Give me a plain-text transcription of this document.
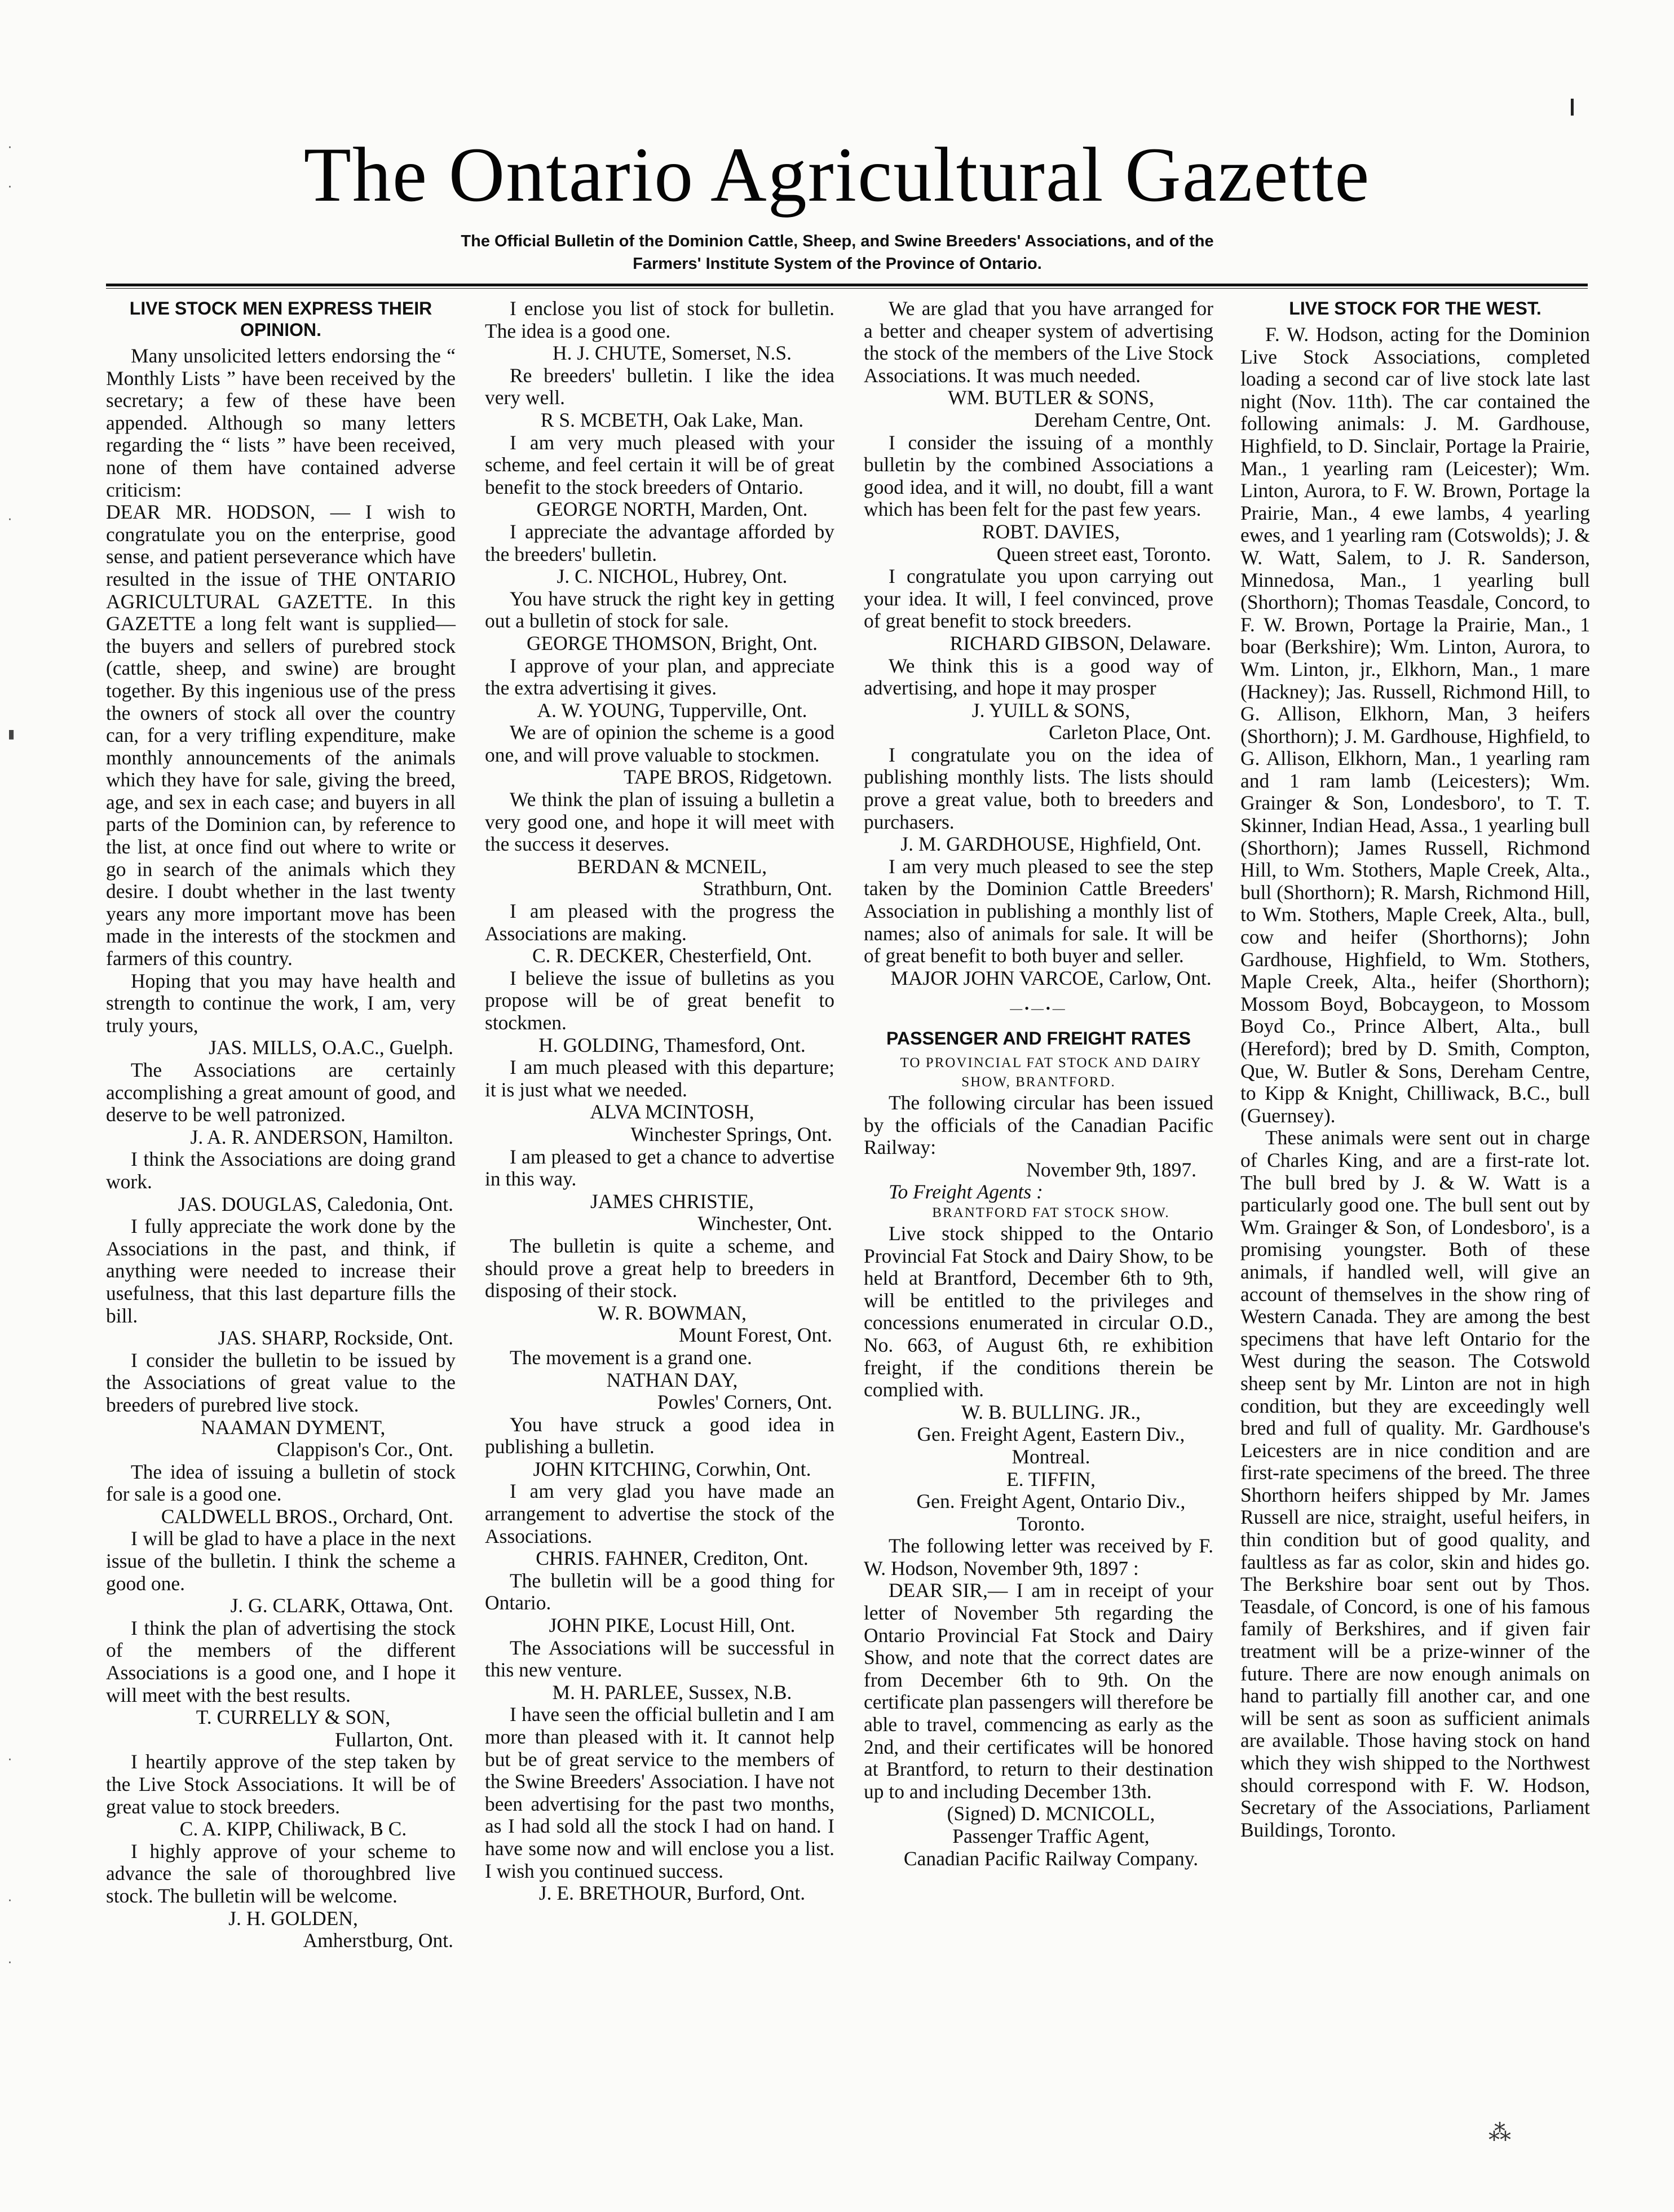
·
·
·
▮
·
·
·
The Ontario Agricultural Gazette
The Official Bulletin of the Dominion Cattle, Sheep, and Swine Breeders' Associations, and of the
Farmers' Institute System of the Province of Ontario.
LIVE STOCK MEN EXPRESS THEIR OPINION.

Many unsolicited letters endorsing the “ Monthly Lists ” have been received by the secretary; a few of these have been appended. Although so many letters regarding the “ lists ” have been received, none of them have contained adverse criticism:

DEAR MR. HODSON, — I wish to congratulate you on the enterprise, good sense, and patient perseverance which have resulted in the issue of THE ONTARIO AGRICULTURAL GAZETTE. In this GAZETTE a long felt want is supplied—the buyers and sellers of purebred stock (cattle, sheep, and swine) are brought together. By this ingenious use of the press the owners of stock all over the country can, for a very trifling expenditure, make monthly announcements of the animals which they have for sale, giving the breed, age, and sex in each case; and buyers in all parts of the Dominion can, by reference to the list, at once find out where to write or go in search of the animals which they desire. I doubt whether in the last twenty years any more important move has been made in the interests of the stockmen and farmers of this country.

Hoping that you may have health and strength to continue the work, I am, very truly yours,

JAS. MILLS, O.A.C., Guelph.

The Associations are certainly accomplishing a great amount of good, and deserve to be well patronized.

J. A. R. ANDERSON, Hamilton.

I think the Associations are doing grand work.

JAS. DOUGLAS, Caledonia, Ont.

I fully appreciate the work done by the Associations in the past, and think, if anything were needed to increase their usefulness, that this last departure fills the bill.

JAS. SHARP, Rockside, Ont.

I consider the bulletin to be issued by the Associations of great value to the breeders of purebred live stock.

NAAMAN DYMENT,

Clappison's Cor., Ont.

The idea of issuing a bulletin of stock for sale is a good one.

CALDWELL BROS., Orchard, Ont.

I will be glad to have a place in the next issue of the bulletin. I think the scheme a good one.

J. G. CLARK, Ottawa, Ont.

I think the plan of advertising the stock of the members of the different Associations is a good one, and I hope it will meet with the best results.

T. CURRELLY & SON,

Fullarton, Ont.

I heartily approve of the step taken by the Live Stock Associations. It will be of great value to stock breeders.

C. A. KIPP, Chiliwack, B C.

I highly approve of your scheme to advance the sale of thoroughbred live stock. The bulletin will be welcome.

J. H. GOLDEN,

Amherstburg, Ont.

I enclose you list of stock for bulletin. The idea is a good one.

H. J. CHUTE, Somerset, N.S.

Re breeders' bulletin. I like the idea very well.

R S. MCBETH, Oak Lake, Man.

I am very much pleased with your scheme, and feel certain it will be of great benefit to the stock breeders of Ontario.

GEORGE NORTH, Marden, Ont.

I appreciate the advantage afforded by the breeders' bulletin.

J. C. NICHOL, Hubrey, Ont.

You have struck the right key in getting out a bulletin of stock for sale.

GEORGE THOMSON, Bright, Ont.

I approve of your plan, and appreciate the extra advertising it gives.

A. W. YOUNG, Tupperville, Ont.

We are of opinion the scheme is a good one, and will prove valuable to stockmen.

TAPE BROS, Ridgetown.

We think the plan of issuing a bulletin a very good one, and hope it will meet with the success it deserves.

BERDAN & MCNEIL,

Strathburn, Ont.

I am pleased with the progress the Associations are making.

C. R. DECKER, Chesterfield, Ont.

I believe the issue of bulletins as you propose will be of great benefit to stockmen.

H. GOLDING, Thamesford, Ont.

I am much pleased with this departure; it is just what we needed.

ALVA MCINTOSH,

Winchester Springs, Ont.

I am pleased to get a chance to advertise in this way.

JAMES CHRISTIE,

Winchester, Ont.

The bulletin is quite a scheme, and should prove a great help to breeders in disposing of their stock.

W. R. BOWMAN,

Mount Forest, Ont.

The movement is a grand one.

NATHAN DAY,

Powles' Corners, Ont.

You have struck a good idea in publishing a bulletin.

JOHN KITCHING, Corwhin, Ont.

I am very glad you have made an arrangement to advertise the stock of the Associations.

CHRIS. FAHNER, Crediton, Ont.

The bulletin will be a good thing for Ontario.

JOHN PIKE, Locust Hill, Ont.

The Associations will be successful in this new venture.

M. H. PARLEE, Sussex, N.B.

I have seen the official bulletin and I am more than pleased with it. It cannot help but be of great service to the members of the Swine Breeders' Association. I have not been advertising for the past two months, as I had sold all the stock I had on hand. I have some now and will enclose you a list. I wish you continued success.

J. E. BRETHOUR, Burford, Ont.

We are glad that you have arranged for a better and cheaper system of advertising the stock of the members of the Live Stock Associations. It was much needed.

WM. BUTLER & SONS,

Dereham Centre, Ont.

I consider the issuing of a monthly bulletin by the combined Associations a good idea, and it will, no doubt, fill a want which has been felt for the past few years.

ROBT. DAVIES,

Queen street east, Toronto.

I congratulate you upon carrying out your idea. It will, I feel convinced, prove of great benefit to stock breeders.

RICHARD GIBSON, Delaware.

We think this is a good way of advertising, and hope it may prosper

J. YUILL & SONS,

Carleton Place, Ont.

I congratulate you on the idea of publishing monthly lists. The lists should prove a great value, both to breeders and purchasers.

J. M. GARDHOUSE, Highfield, Ont.

I am very much pleased to see the step taken by the Dominion Cattle Breeders' Association in publishing a monthly list of names; also of animals for sale. It will be of great benefit to both buyer and seller.

MAJOR JOHN VARCOE, Carlow, Ont.

—•—•—
PASSENGER AND FREIGHT RATES

TO PROVINCIAL FAT STOCK AND DAIRY SHOW, BRANTFORD.

The following circular has been issued by the officials of the Canadian Pacific Railway:

November 9th, 1897.

To Freight Agents :

BRANTFORD FAT STOCK SHOW.

Live stock shipped to the Ontario Provincial Fat Stock and Dairy Show, to be held at Brantford, December 6th to 9th, will be entitled to the privileges and concessions enumerated in circular O.D., No. 663, of August 6th, re exhibition freight, if the conditions therein be complied with.

W. B. BULLING. JR.,

Gen. Freight Agent, Eastern Div.,

Montreal.

E. TIFFIN,

Gen. Freight Agent, Ontario Div.,

Toronto.

The following letter was received by F. W. Hodson, November 9th, 1897 :

DEAR SIR,— I am in receipt of your letter of November 5th regarding the Ontario Provincial Fat Stock and Dairy Show, and note that the correct dates are from December 6th to 9th. On the certificate plan passengers will therefore be able to travel, commencing as early as the 2nd, and their certificates will be honored at Brantford, to return to their destination up to and including December 13th.

(Signed) D. MCNICOLL,

Passenger Traffic Agent,

Canadian Pacific Railway Company.

LIVE STOCK FOR THE WEST.

F. W. Hodson, acting for the Dominion Live Stock Associations, completed loading a second car of live stock late last night (Nov. 11th). The car contained the following animals: J. M. Gardhouse, Highfield, to D. Sinclair, Portage la Prairie, Man., 1 yearling ram (Leicester); Wm. Linton, Aurora, to F. W. Brown, Portage la Prairie, Man., 4 ewe lambs, 4 yearling ewes, and 1 yearling ram (Cotswolds); J. & W. Watt, Salem, to J. R. Sanderson, Minnedosa, Man., 1 yearling bull (Shorthorn); Thomas Teasdale, Concord, to F. W. Brown, Portage la Prairie, Man., 1 boar (Berkshire); Wm. Linton, Aurora, to Wm. Linton, jr., Elkhorn, Man., 1 mare (Hackney); Jas. Russell, Richmond Hill, to G. Allison, Elkhorn, Man, 3 heifers (Shorthorn); J. M. Gardhouse, Highfield, to G. Allison, Elkhorn, Man., 1 yearling ram and 1 ram lamb (Leicesters); Wm. Grainger & Son, Londesboro', to T. T. Skinner, Indian Head, Assa., 1 yearling bull (Shorthorn); James Russell, Richmond Hill, to Wm. Stothers, Maple Creek, Alta., bull (Shorthorn); R. Marsh, Richmond Hill, to Wm. Stothers, Maple Creek, Alta., bull, cow and heifer (Shorthorns); John Gardhouse, Highfield, to Wm. Stothers, Maple Creek, Alta., heifer (Shorthorn); Mossom Boyd, Bobcaygeon, to Mossom Boyd Co., Prince Albert, Alta., bull (Hereford); bred by D. Smith, Compton, Que, W. Butler & Sons, Dereham Centre, to Kipp & Knight, Chilliwack, B.C., bull (Guernsey).

These animals were sent out in charge of Charles King, and are a first-rate lot. The bull bred by J. & W. Watt is a particularly good one. The bull sent out by Wm. Grainger & Son, of Londesboro', is a promising youngster. Both of these animals, if handled well, will give an account of themselves in the show ring of Western Canada. They are among the best specimens that have left Ontario for the West during the season. The Cotswold sheep sent by Mr. Linton are not in high condition, but they are exceedingly well bred and full of quality. Mr. Gardhouse's Leicesters are in nice condition and are first-rate specimens of the breed. The three Shorthorn heifers shipped by Mr. James Russell are nice, straight, useful heifers, in thin condition but of good quality, and faultless as far as color, skin and hides go. The Berkshire boar sent out by Thos. Teasdale, of Concord, is one of his famous family of Berkshires, and if given fair treatment will be a prize-winner of the future. There are now enough animals on hand to partially fill another car, and one will be sent as soon as sufficient animals are available. Those having stock on hand which they wish shipped to the Northwest should correspond with F. W. Hodson, Secretary of the Associations, Parliament Buildings, Toronto.

⁂
